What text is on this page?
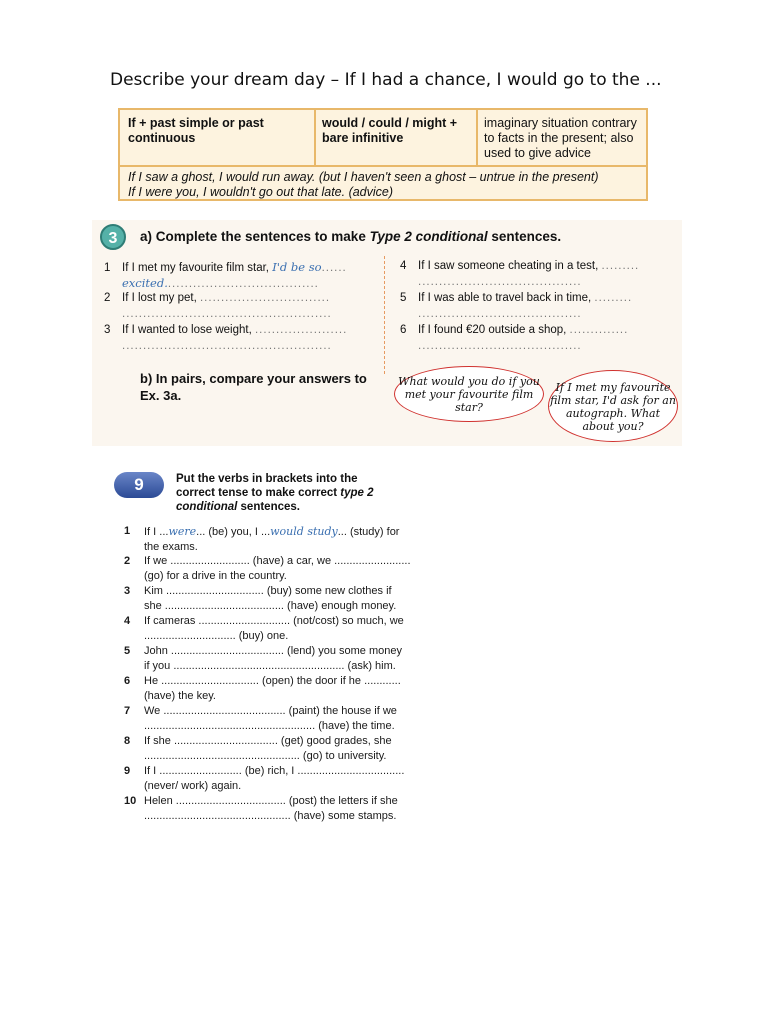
Describe your dream day – If I had a chance, I would go to the ...
If + past simple or past continuous
would / could / might + bare infinitive
imaginary situation contrary to facts in the present; also used to give advice
If I saw a ghost, I would run away. (but I haven't seen a ghost – untrue in the present)
If I were you, I wouldn't go out that late. (advice)
3	a) Complete the sentences to make Type 2 conditional sentences.
1 If I met my favourite film star, I'd be so......
excited.....................................
2 If I lost my pet, ...............................
..................................................
3 If I wanted to lose weight, ......................
..................................................
4 If I saw someone cheating in a test, .........
.......................................
5 If I was able to travel back in time, .........
.......................................
6 If I found €20 outside a shop, ..............
.......................................
b) In pairs, compare your answers to
Ex. 3a.
What would you do if you met your favourite film star?
If I met my favourite film star, I'd ask for an autograph. What about you?
9	Put the verbs in brackets into the
correct tense to make correct type 2
conditional sentences.
1 If I ...were... (be) you, I ...would study... (study) for
the exams.
2 If we .......................... (have) a car, we .........................
(go) for a drive in the country.
3 Kim ................................ (buy) some new clothes if
she ....................................... (have) enough money.
4 If cameras .............................. (not/cost) so much, we
.............................. (buy) one.
5 John ..................................... (lend) you some money
if you ........................................................ (ask) him.
6 He ................................ (open) the door if he ............
(have) the key.
7 We ........................................ (paint) the house if we
........................................................ (have) the time.
8 If she .................................. (get) good grades, she
................................................... (go) to university.
9 If I ........................... (be) rich, I ...................................
(never/ work) again.
10 Helen .................................... (post) the letters if she
................................................ (have) some stamps.
